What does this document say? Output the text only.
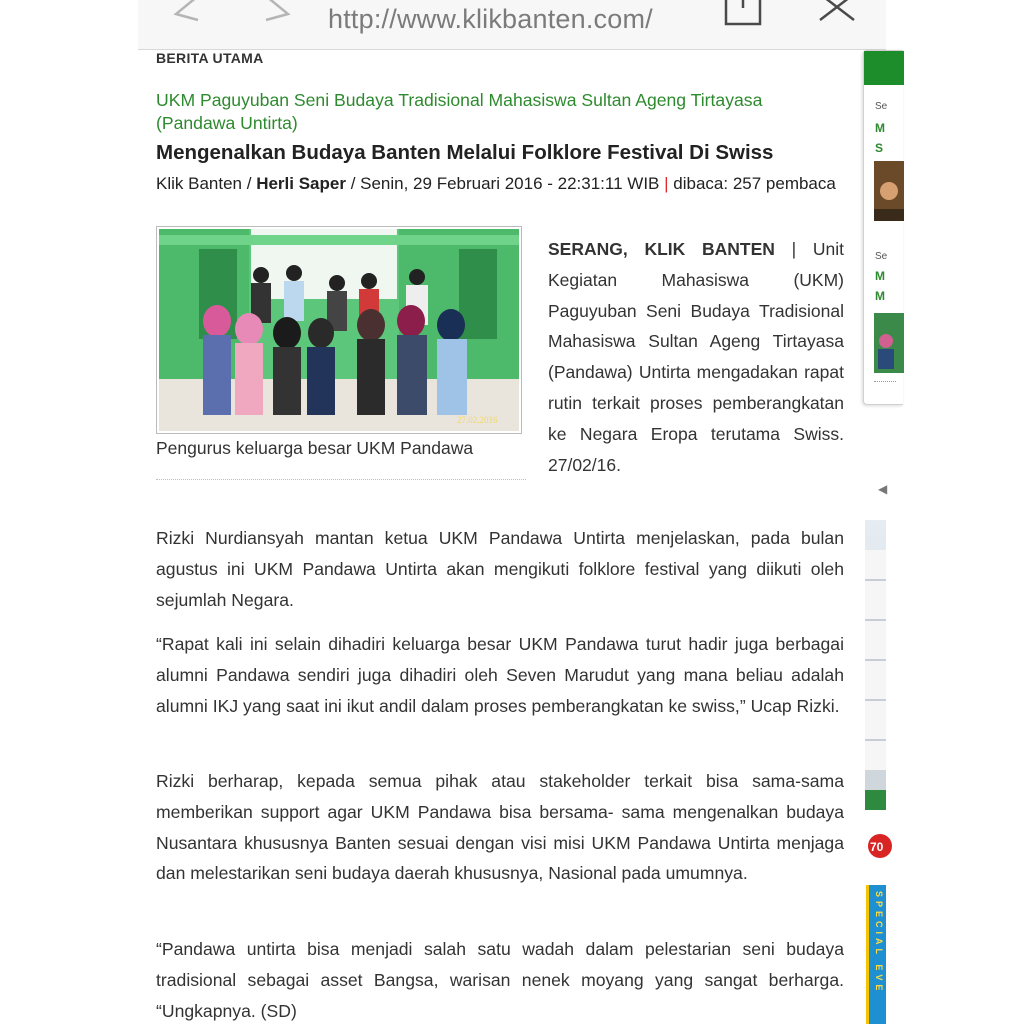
http://www.klikbanten.com/
BERITA UTAMA
UKM Paguyuban Seni Budaya Tradisional Mahasiswa Sultan Ageng Tirtayasa (Pandawa Untirta)
Mengenalkan Budaya Banten Melalui Folklore Festival Di Swiss
Klik Banten / Herli Saper / Senin, 29 Februari 2016 - 22:31:11 WIB | dibaca: 257 pembaca
27.02.2016
Pengurus keluarga besar UKM Pandawa
SERANG, KLIK BANTEN | Unit Kegiatan Mahasiswa (UKM) Paguyuban Seni Budaya Tradisional Mahasiswa Sultan Ageng Tirtayasa (Pandawa) Untirta mengadakan rapat rutin terkait proses pemberangkatan ke Negara Eropa terutama Swiss. 27/02/16.
Rizki Nurdiansyah mantan ketua UKM Pandawa Untirta menjelaskan, pada bulan agustus ini UKM Pandawa Untirta akan mengikuti folklore festival yang diikuti oleh sejumlah Negara.
“Rapat kali ini selain dihadiri keluarga besar UKM Pandawa turut hadir juga berbagai alumni Pandawa sendiri juga dihadiri oleh Seven Marudut yang mana beliau adalah alumni IKJ yang saat ini ikut andil dalam proses pemberangkatan ke swiss,” Ucap Rizki.
Rizki berharap, kepada semua pihak atau stakeholder terkait bisa sama-sama memberikan support agar UKM Pandawa bisa bersama- sama mengenalkan budaya Nusantara khususnya Banten sesuai dengan visi misi UKM Pandawa Untirta menjaga dan melestarikan seni budaya daerah khususnya, Nasional pada umumnya.
“Pandawa untirta bisa menjadi salah satu wadah dalam pelestarian seni budaya tradisional sebagai asset Bangsa, warisan nenek moyang yang sangat berharga. “Ungkapnya. (SD)
Se
M
S
Se
M
M
◀
70
SPECIAL EVE
